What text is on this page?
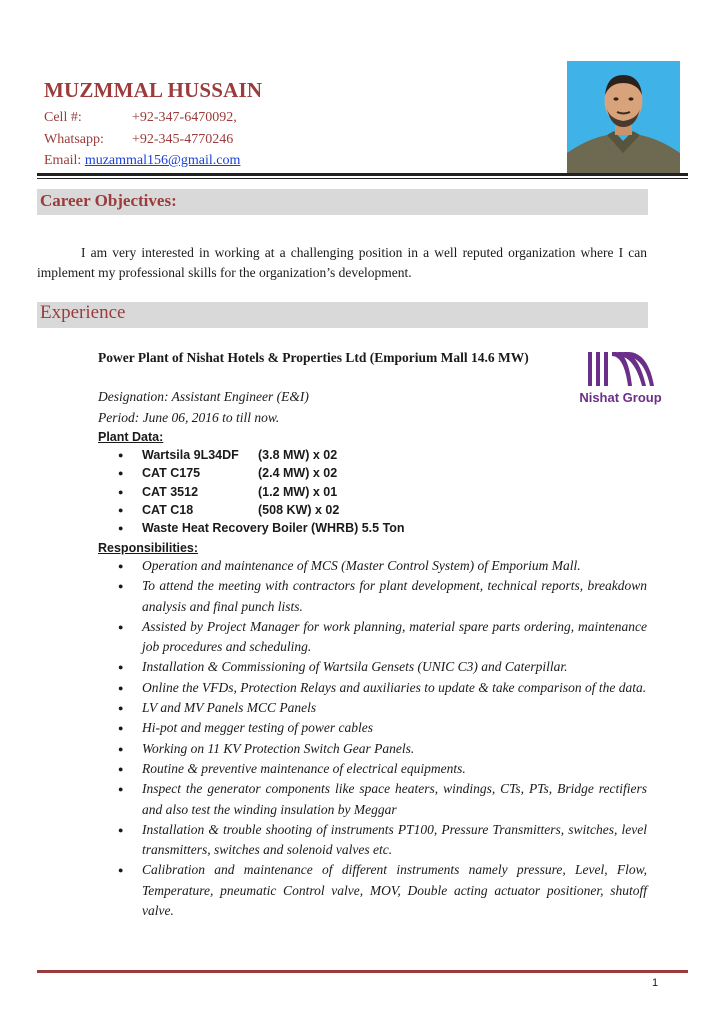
MUZMMAL HUSSAIN
Cell #:	+92-347-6470092,
Whatsapp: +92-345-4770246
Email: muzammal156@gmail.com
Career Objectives:
I am very interested in working at a challenging position in a well reputed organization where I can implement my professional skills for the organization’s development.
Experience
Power Plant of Nishat Hotels & Properties Ltd (Emporium Mall 14.6 MW)
Nishat Group
Designation: Assistant Engineer (E&I)
Period: June 06, 2016 to till now.
Plant Data:
● Wartsila 9L34DF (3.8 MW) x 02
● CAT C175	(2.4 MW) x 02
● CAT 3512	(1.2 MW) x 01
● CAT C18	(508 KW) x 02
● Waste Heat Recovery Boiler (WHRB) 5.5 Ton
Responsibilities:
● Operation and maintenance of MCS (Master Control System) of Emporium Mall.
● To attend the meeting with contractors for plant development, technical reports, breakdown analysis and final punch lists.
● Assisted by Project Manager for work planning, material spare parts ordering, maintenance job procedures and scheduling.
● Installation & Commissioning of Wartsila Gensets (UNIC C3) and Caterpillar.
● Online the VFDs, Protection Relays and auxiliaries to update & take comparison of the data.
● LV and MV Panels MCC Panels
● Hi-pot and megger testing of power cables
● Working on 11 KV Protection Switch Gear Panels.
● Routine & preventive maintenance of electrical equipments.
● Inspect the generator components like space heaters, windings, CTs, PTs, Bridge rectifiers and also test the winding insulation by Meggar
● Installation & trouble shooting of instruments PT100, Pressure Transmitters, switches, level transmitters, switches and solenoid valves etc.
● Calibration and maintenance of different instruments namely pressure, Level, Flow, Temperature, pneumatic Control valve, MOV, Double acting actuator positioner, shutoff valve.
1
